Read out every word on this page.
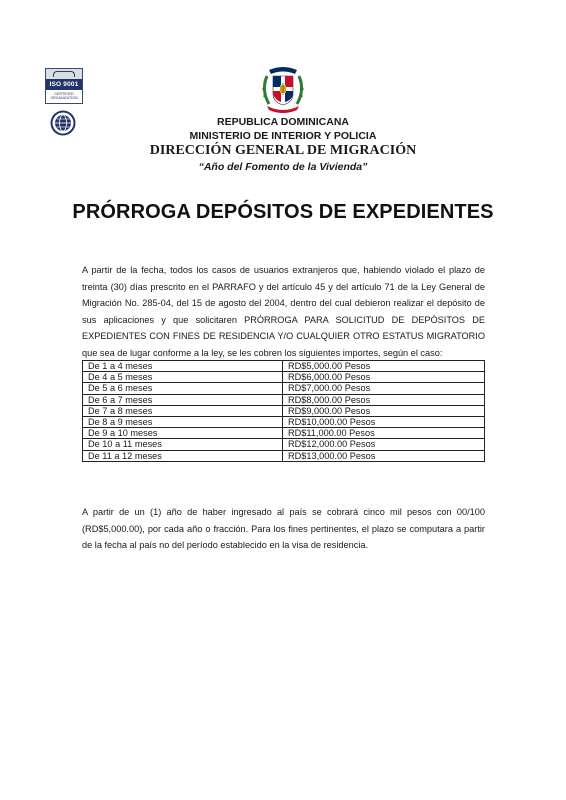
ISO 9001
CERTIFIED ORGANIZATION
REPUBLICA DOMINICANA
MINISTERIO DE INTERIOR Y POLICIA
DIRECCIÓN GENERAL DE MIGRACIÓN
“Año del Fomento de la Vivienda”
PRÓRROGA DEPÓSITOS DE EXPEDIENTES
A partir de la fecha, todos los casos de usuarios extranjeros que, habiendo violado el plazo de treinta (30) días prescrito en el PARRAFO y del artículo 45 y del artículo 71 de la Ley General de Migración No. 285-04, del 15 de agosto del 2004, dentro del cual debieron realizar el depósito de sus aplicaciones y que solicitaren PRÓRROGA PARA SOLICITUD DE DEPÓSITOS DE EXPEDIENTES CON FINES DE RESIDENCIA Y/O CUALQUIER OTRO ESTATUS MIGRATORIO que sea de lugar conforme a la ley, se les cobren los siguientes importes, según el caso:
De 1 a 4 meses	RD$5,000.00 Pesos
De 4 a 5 meses	RD$6,000.00 Pesos
De 5 a 6 meses	RD$7,000.00 Pesos
De 6 a 7 meses	RD$8,000.00 Pesos
De 7 a 8 meses	RD$9,000.00 Pesos
De 8 a 9 meses	RD$10,000.00 Pesos
De 9 a 10 meses	RD$11,000.00 Pesos
De 10 a 11 meses	RD$12,000.00 Pesos
De 11 a 12 meses	RD$13,000.00 Pesos
A partir de un (1) año de haber ingresado al país se cobrará cinco mil pesos con 00/100 (RD$5,000.00), por cada año o fracción. Para los fines pertinentes, el plazo se computara a partir de la fecha al país no del período establecido en la visa de residencia.
